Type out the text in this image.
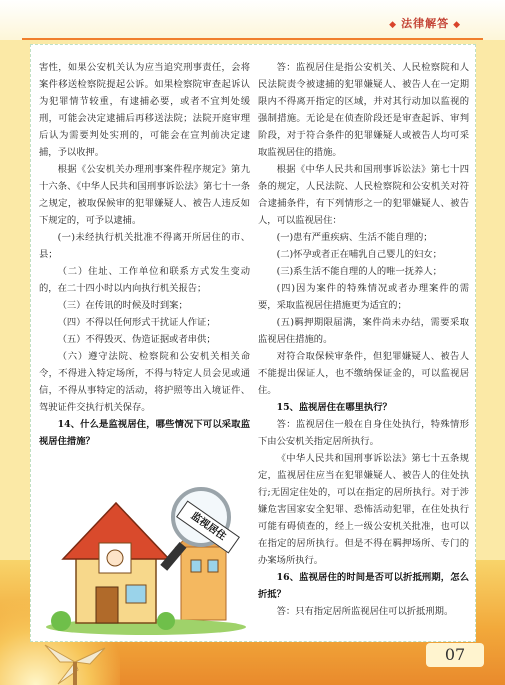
◆ 法律解答 ◆

害性，如果公安机关认为应当追究刑事责任，会将案件移送检察院提起公诉。如果检察院审查起诉认为犯罪情节较重，有逮捕必要，或者不宜判处缓刑，可能会决定逮捕后再移送法院；法院开庭审理后认为需要判处实刑的，可能会在宣判前决定逮捕，予以收押。

根据《公安机关办理刑事案件程序规定》第九十六条、《中华人民共和国刑事诉讼法》第七十一条之规定，被取保候审的犯罪嫌疑人、被告人违反如下规定的，可予以逮捕。

(一)未经执行机关批准不得离开所居住的市、县；

（二）住址、工作单位和联系方式发生变动的，在二十四小时以内向执行机关报告；

（三）在传讯的时候及时到案；

（四）不得以任何形式干扰证人作证；

（五）不得毁灭、伪造证据或者串供；

（六）遵守法院、检察院和公安机关相关命令，不得进入特定场所，不得与特定人员会见或通信，不得从事特定的活动，将护照等出入境证件、驾驶证件交执行机关保存。

14、什么是监视居住，哪些情况下可以采取监视居住措施？

答：监视居住是指公安机关、人民检察院和人民法院责令被逮捕的犯罪嫌疑人、被告人在一定期限内不得离开指定的区域，并对其行动加以监视的强制措施。无论是在侦查阶段还是审查起诉、审判阶段，对于符合条件的犯罪嫌疑人或被告人均可采取监视居住的措施。

根据《中华人民共和国刑事诉讼法》第七十四条的规定，人民法院、人民检察院和公安机关对符合逮捕条件，有下列情形之一的犯罪嫌疑人、被告人，可以监视居住：

(一)患有严重疾病、生活不能自理的；

(二)怀孕或者正在哺乳自己婴儿的妇女；

(三)系生活不能自理的人的唯一抚养人；

(四)因为案件的特殊情况或者办理案件的需要，采取监视居住措施更为适宜的；

(五)羁押期限届满，案件尚未办结，需要采取监视居住措施的。

对符合取保候审条件，但犯罪嫌疑人、被告人不能提出保证人，也不缴纳保证金的，可以监视居住。

15、监视居住在哪里执行？

答：监视居住一般在自身住处执行，特殊情形下由公安机关指定居所执行。

《中华人民共和国刑事诉讼法》第七十五条规定，监视居住应当在犯罪嫌疑人、被告人的住处执行;无固定住处的，可以在指定的居所执行。对于涉嫌危害国家安全犯罪、恐怖活动犯罪，在住处执行可能有碍侦查的，经上一级公安机关批准，也可以在指定的居所执行。但是不得在羁押场所、专门的办案场所执行。

16、监视居住的时间是否可以折抵刑期，怎么折抵？

答：只有指定居所监视居住可以折抵刑期。

监视居住
07
